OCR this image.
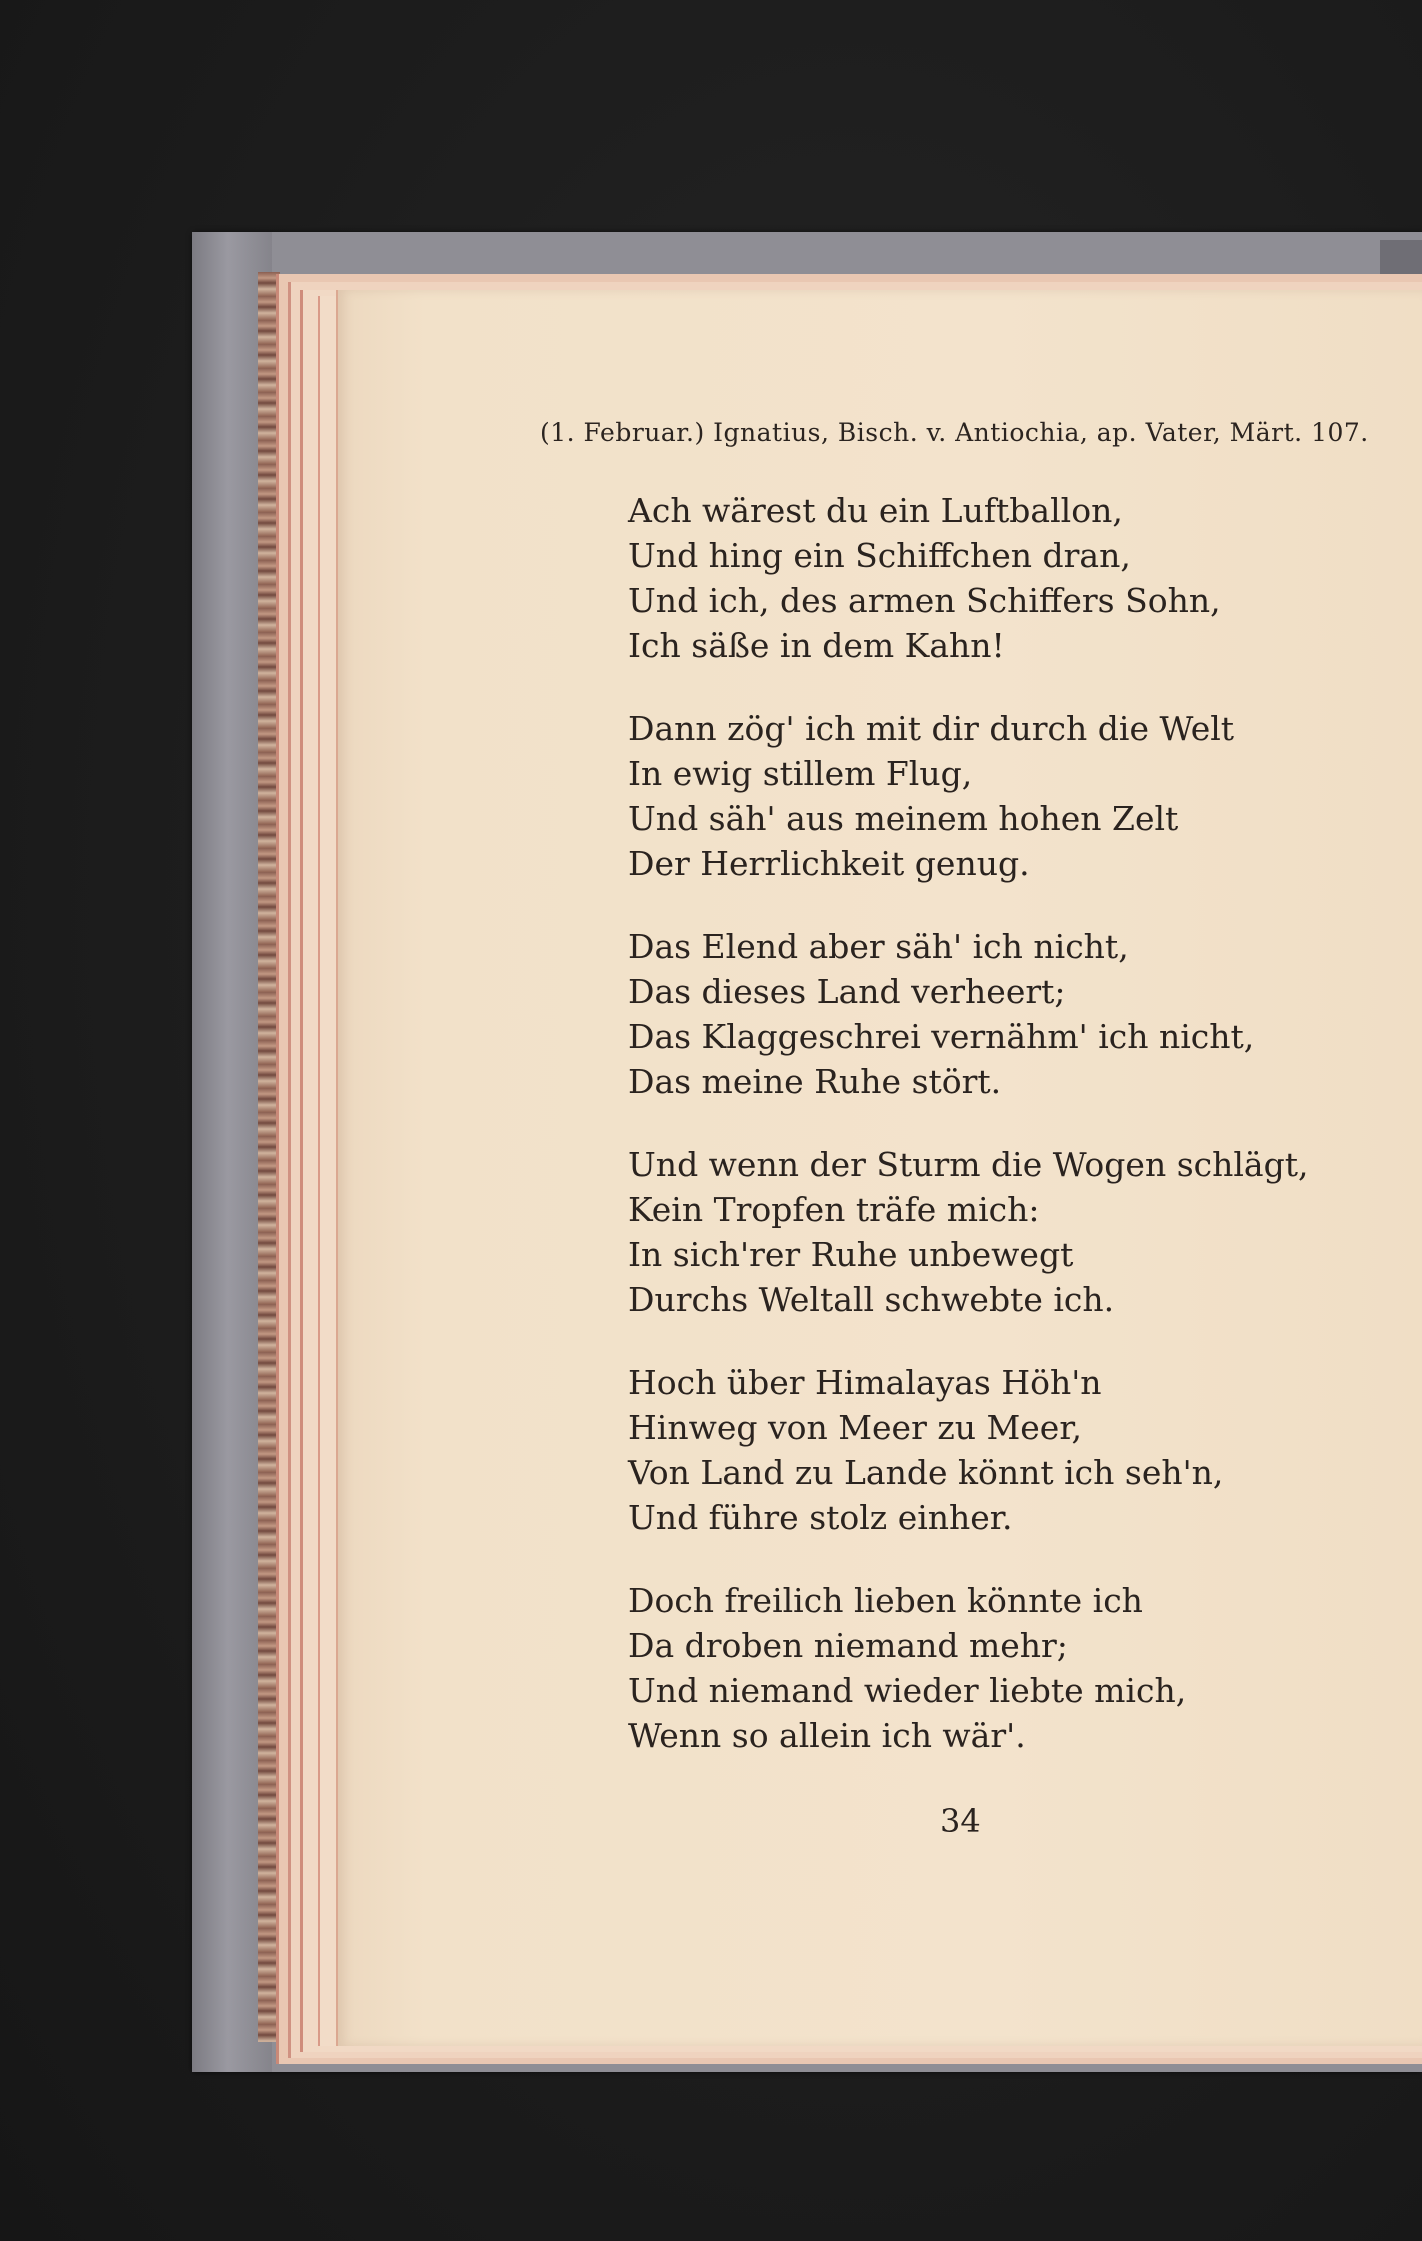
(1. Februar.) Ignatius, Bisch. v. Antiochia, ap. Vater, Märt. 107.
Ach wärest du ein Luftballon,
Und hing ein Schiffchen dran,
Und ich, des armen Schiffers Sohn,
Ich säße in dem Kahn!
Dann zög' ich mit dir durch die Welt
In ewig stillem Flug,
Und säh' aus meinem hohen Zelt
Der Herrlichkeit genug.
Das Elend aber säh' ich nicht,
Das dieses Land verheert;
Das Klaggeschrei vernähm' ich nicht,
Das meine Ruhe stört.
Und wenn der Sturm die Wogen schlägt,
Kein Tropfen träfe mich:
In sich'rer Ruhe unbewegt
Durchs Weltall schwebte ich.
Hoch über Himalayas Höh'n
Hinweg von Meer zu Meer,
Von Land zu Lande könnt ich seh'n,
Und führe stolz einher.
Doch freilich lieben könnte ich
Da droben niemand mehr;
Und niemand wieder liebte mich,
Wenn so allein ich wär'.
34
